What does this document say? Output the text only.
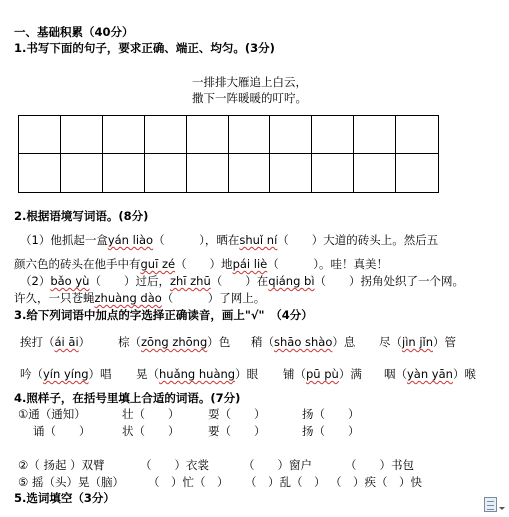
一、基础积累（40分）
1.书写下面的句子，要求正确、端正、均匀。(3分)
一排排大雁追上白云，
撒下一阵暖暖的叮咛。
2.根据语境写词语。(8分)
（1）他抓起一盒yán liào（　　　），晒在shuǐ ní（　　）大道的砖头上。然后五
颜六色的砖头在他手中有guī zé（　　）地pái liè（　　　）。哇！真美！
（2）bǎo yù（　　）过后，zhī zhū（　　）在qiáng bì（　　）拐角处织了一个网。
许久，一只苍蝇zhuàng dào（　　　）了网上。
3.给下列词语中加点的字选择正确读音，画上"√"　（4分）
挨打（ái āi） 棕（zōng zhōng）色 稍（shāo shào）息 尽（jìn jǐn）管
吟（yín yíng）唱 晃（huǎng huàng）眼 铺（pū pù）满 咽（yàn yān）喉
4.照样子，在括号里填上合适的词语。(7分)
①通（通知）	壮（　　） 耍（　　）	扬（　　）
诵（　　）	状（　　） 要（　　）	扬（　　）
②（ 扬起 ）双臂	（　　）衣裳	（　　）窗户	（　　）书包
⑤ 摇（头）晃（脑） （　）忙（　） （　）乱（　） （　）疾（　）快
5.选词填空（3分）
